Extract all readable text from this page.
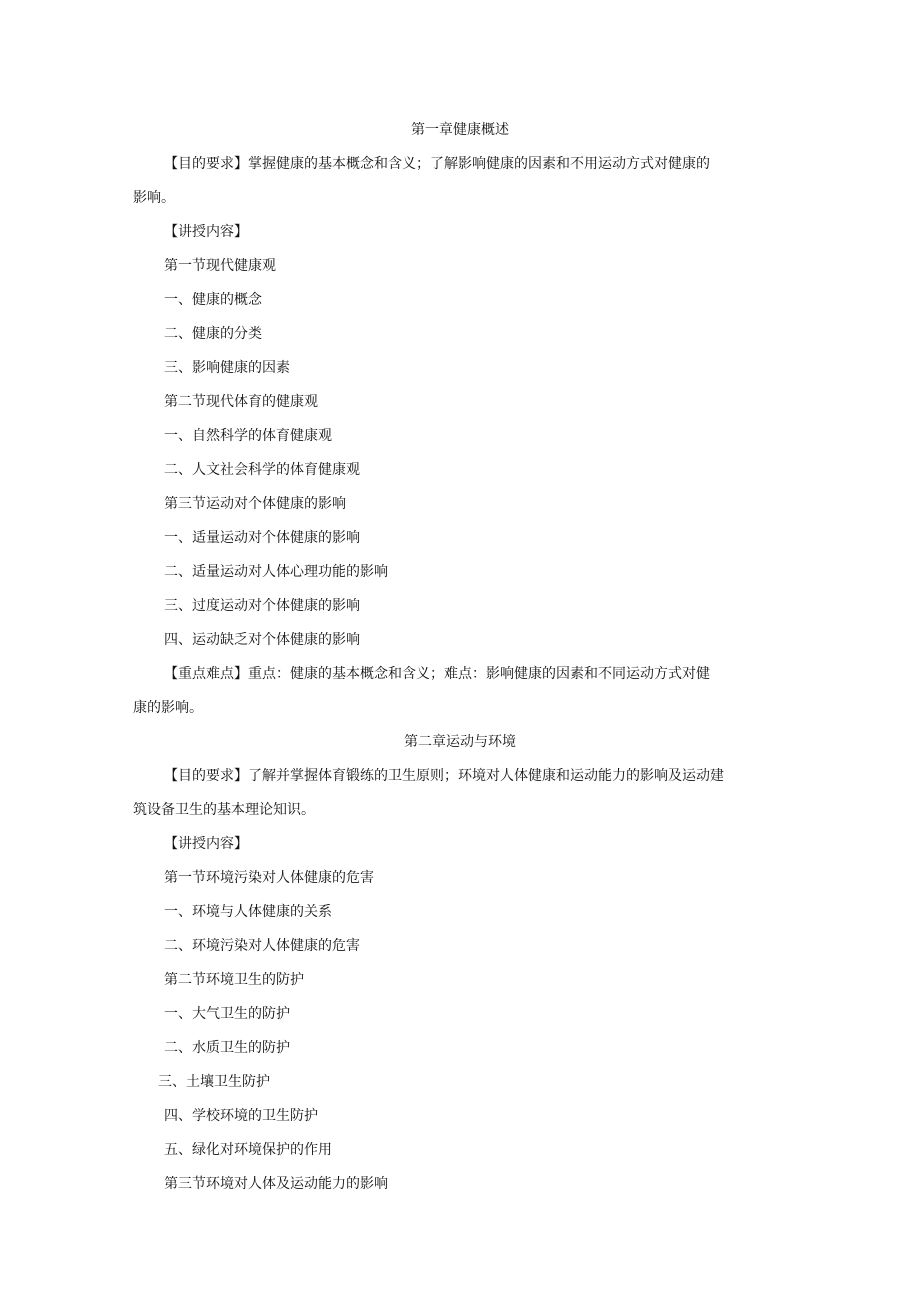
第一章健康概述
【目的要求】掌握健康的基本概念和含义；了解影响健康的因素和不用运动方式对健康的
影响。
【讲授内容】
第一节现代健康观
一、健康的概念
二、健康的分类
三、影响健康的因素
第二节现代体育的健康观
一、自然科学的体育健康观
二、人文社会科学的体育健康观
第三节运动对个体健康的影响
一、适量运动对个体健康的影响
二、适量运动对人体心理功能的影响
三、过度运动对个体健康的影响
四、运动缺乏对个体健康的影响
【重点难点】重点：健康的基本概念和含义；难点：影响健康的因素和不同运动方式对健
康的影响。
第二章运动与环境
【目的要求】了解并掌握体育锻练的卫生原则；环境对人体健康和运动能力的影响及运动建
筑设备卫生的基本理论知识。
【讲授内容】
第一节环境污染对人体健康的危害
一、环境与人体健康的关系
二、环境污染对人体健康的危害
第二节环境卫生的防护
一、大气卫生的防护
二、水质卫生的防护
三、土壤卫生防护
四、学校环境的卫生防护
五、绿化对环境保护的作用
第三节环境对人体及运动能力的影响
